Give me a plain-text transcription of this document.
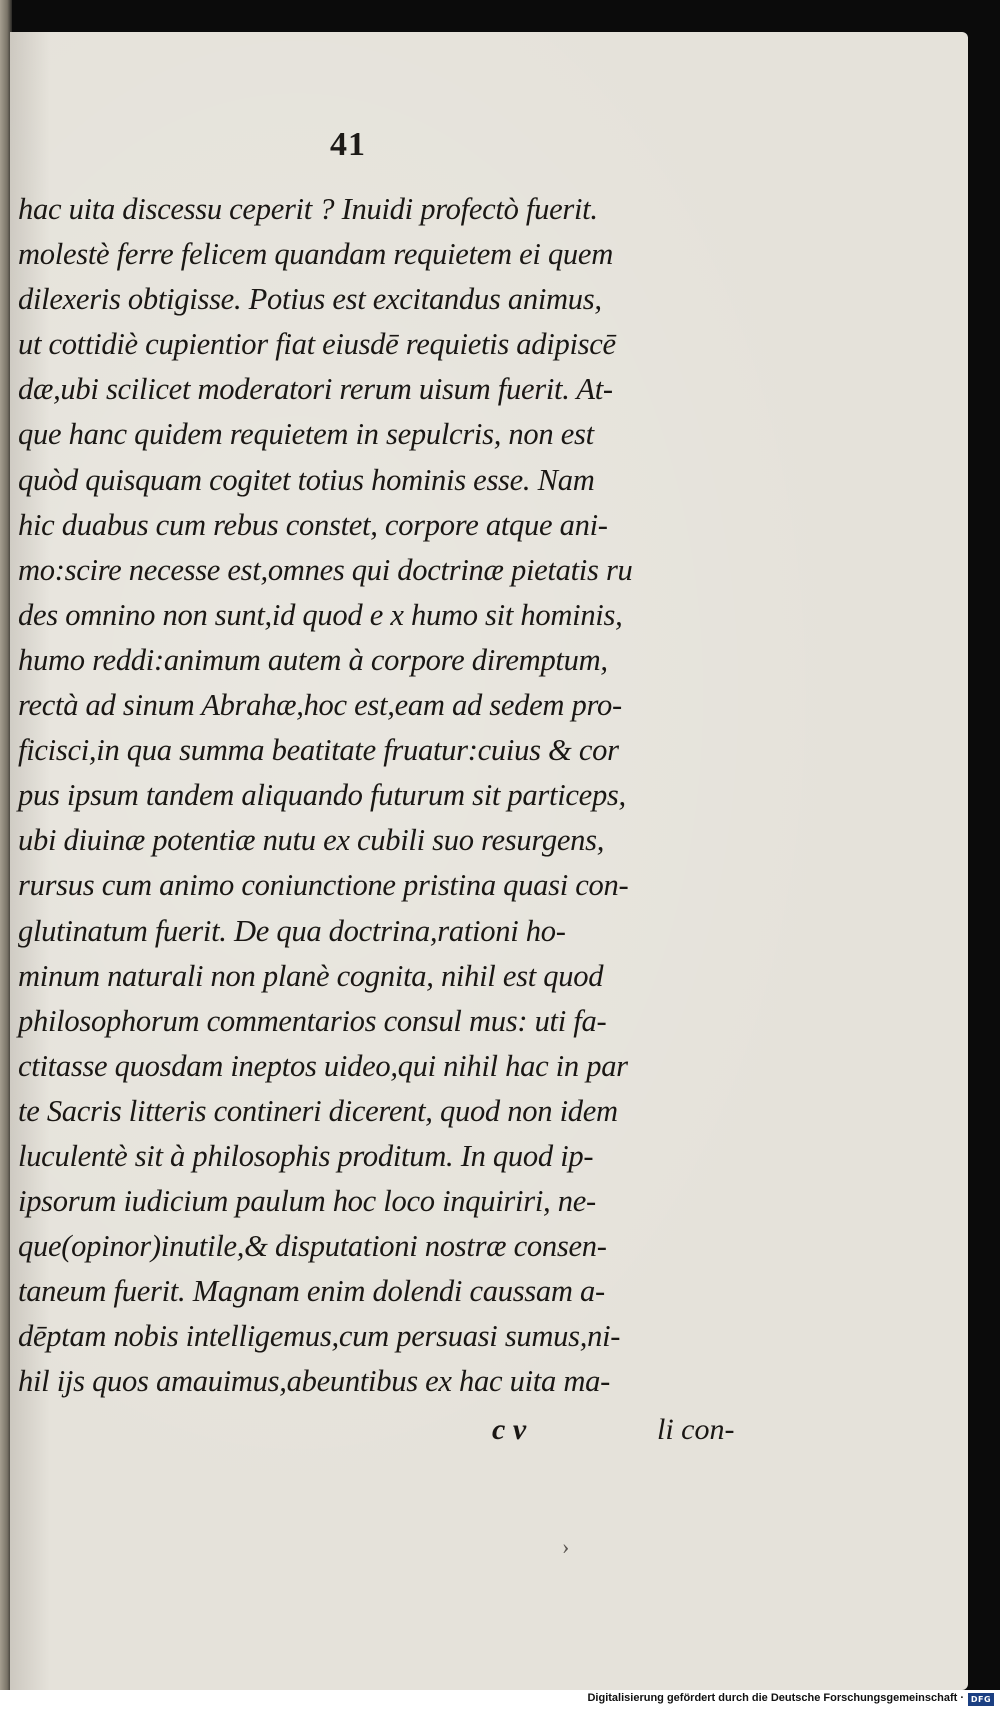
41
hac uita discessu ceperit ? Inuidi profectò fuerit.
molestè ferre felicem quandam requietem ei quem
dilexeris obtigisse. Potius est excitandus animus,
ut cottidiè cupientior fiat eiusdē requietis adipiscē
dæ,ubi scilicet moderatori rerum uisum fuerit. At-
que hanc quidem requietem in sepulcris, non est
quòd quisquam cogitet totius hominis esse. Nam
hic duabus cum rebus constet, corpore atque ani-
mo:scire necesse est,omnes qui doctrinæ pietatis ru
des omnino non sunt,id quod e x humo sit hominis,
humo reddi:animum autem à corpore diremptum,
rectà ad sinum Abrahæ,hoc est,eam ad sedem pro-
ficisci,in qua summa beatitate fruatur:cuius & cor
pus ipsum tandem aliquando futurum sit particeps,
ubi diuinæ potentiæ nutu ex cubili suo resurgens,
rursus cum animo coniunctione pristina quasi con-
glutinatum fuerit. De qua doctrina,rationi ho-
minum naturali non planè cognita, nihil est quod
philosophorum commentarios consul mus: uti fa-
ctitasse quosdam ineptos uideo,qui nihil hac in par
te Sacris litteris contineri dicerent, quod non idem
luculentè sit à philosophis proditum. In quod ip-
ipsorum iudicium paulum hoc loco inquiriri, ne-
que(opinor)inutile,& disputationi nostræ consen-
taneum fuerit. Magnam enim dolendi caussam a-
dēptam nobis intelligemus,cum persuasi sumus,ni-
hil ijs quos amauimus,abeuntibus ex hac uita ma-
c v	li con-
›
Digitalisierung gefördert durch die Deutsche Forschungsgemeinschaft · DFG
